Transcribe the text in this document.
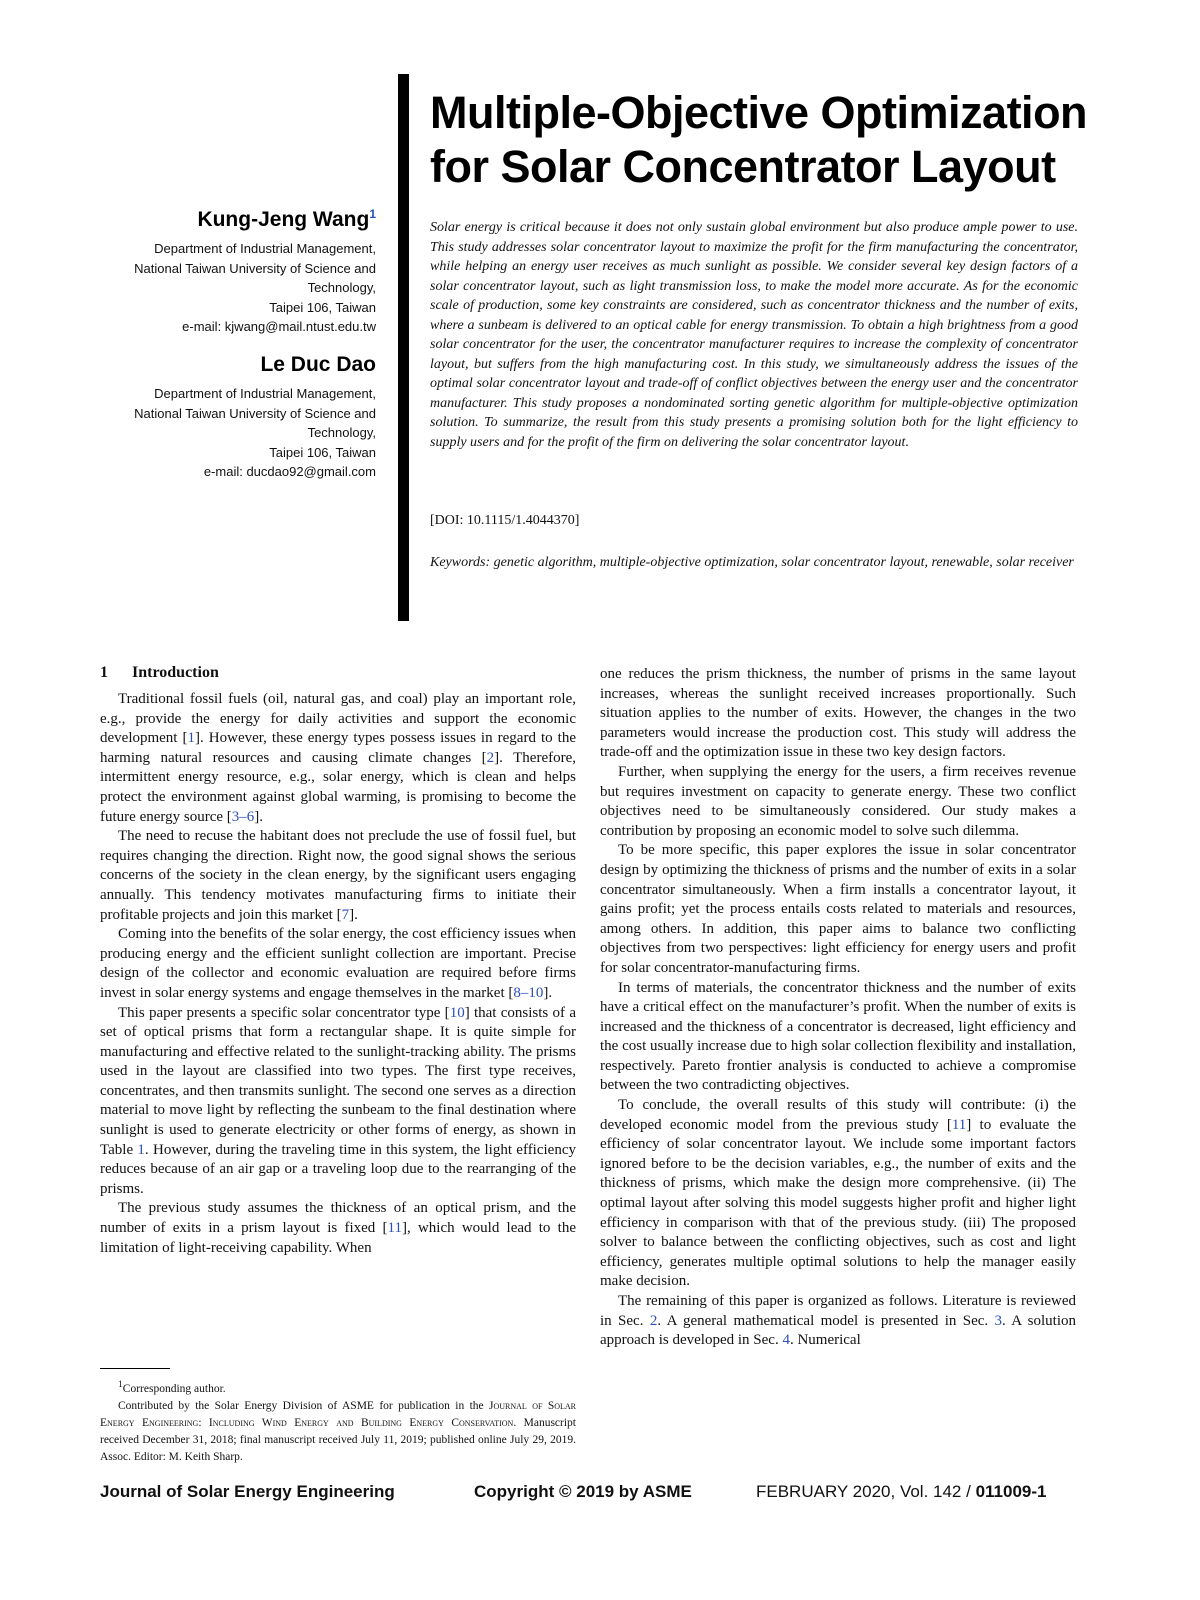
Multiple-Objective Optimization for Solar Concentrator Layout

Kung-Jeng Wang$^1$

Department of Industrial Management,

National Taiwan University of Science and

Technology,

Taipei 106, Taiwan

e-mail: kjwang@mail.ntust.edu.tw

Le Duc Dao

Department of Industrial Management,

National Taiwan University of Science and

Technology,

Taipei 106, Taiwan

e-mail: ducdao92@gmail.com

Solar energy is critical because it does not only sustain global environment but also produce ample power to use. This study addresses solar concentrator layout to maximize the profit for the firm manufacturing the concentrator, while helping an energy user receives as much sunlight as possible. We consider several key design factors of a solar concentrator layout, such as light transmission loss, to make the model more accurate. As for the economic scale of production, some key constraints are considered, such as concentrator thickness and the number of exits, where a sunbeam is delivered to an optical cable for energy transmission. To obtain a high brightness from a good solar concentrator for the user, the concentrator manufacturer requires to increase the complexity of concentrator layout, but suffers from the high manufacturing cost. In this study, we simultaneously address the issues of the optimal solar concentrator layout and trade-off of conflict objectives between the energy user and the concentrator manufacturer. This study proposes a nondominated sorting genetic algorithm for multiple-objective optimization solution. To summarize, the result from this study presents a promising solution both for the light efficiency to supply users and for the profit of the firm on delivering the solar concentrator layout.

[DOI: 10.1115/1.4044370]

Keywords: genetic algorithm, multiple-objective optimization, solar concentrator layout, renewable, solar receiver

1 Introduction

Traditional fossil fuels (oil, natural gas, and coal) play an important role, e.g., provide the energy for daily activities and support the economic development [1]. However, these energy types possess issues in regard to the harming natural resources and causing climate changes [2]. Therefore, intermittent energy resource, e.g., solar energy, which is clean and helps protect the environment against global warming, is promising to become the future energy source [3–6].

The need to recuse the habitant does not preclude the use of fossil fuel, but requires changing the direction. Right now, the good signal shows the serious concerns of the society in the clean energy, by the significant users engaging annually. This tendency motivates manufacturing firms to initiate their profitable projects and join this market [7].

Coming into the benefits of the solar energy, the cost efficiency issues when producing energy and the efficient sunlight collection are important. Precise design of the collector and economic evaluation are required before firms invest in solar energy systems and engage themselves in the market [8–10].

This paper presents a specific solar concentrator type [10] that consists of a set of optical prisms that form a rectangular shape. It is quite simple for manufacturing and effective related to the sunlight-tracking ability. The prisms used in the layout are classified into two types. The first type receives, concentrates, and then transmits sunlight. The second one serves as a direction material to move light by reflecting the sunbeam to the final destination where sunlight is used to generate electricity or other forms of energy, as shown in Table 1. However, during the traveling time in this system, the light efficiency reduces because of an air gap or a traveling loop due to the rearranging of the prisms.

The previous study assumes the thickness of an optical prism, and the number of exits in a prism layout is fixed [11], which would lead to the limitation of light-receiving capability. When

one reduces the prism thickness, the number of prisms in the same layout increases, whereas the sunlight received increases proportionally. Such situation applies to the number of exits. However, the changes in the two parameters would increase the production cost. This study will address the trade-off and the optimization issue in these two key design factors.

Further, when supplying the energy for the users, a firm receives revenue but requires investment on capacity to generate energy. These two conflict objectives need to be simultaneously considered. Our study makes a contribution by proposing an economic model to solve such dilemma.

To be more specific, this paper explores the issue in solar concentrator design by optimizing the thickness of prisms and the number of exits in a solar concentrator simultaneously. When a firm installs a concentrator layout, it gains profit; yet the process entails costs related to materials and resources, among others. In addition, this paper aims to balance two conflicting objectives from two perspectives: light efficiency for energy users and profit for solar concentrator-manufacturing firms.

In terms of materials, the concentrator thickness and the number of exits have a critical effect on the manufacturer’s profit. When the number of exits is increased and the thickness of a concentrator is decreased, light efficiency and the cost usually increase due to high solar collection flexibility and installation, respectively. Pareto frontier analysis is conducted to achieve a compromise between the two contradicting objectives.

To conclude, the overall results of this study will contribute: (i) the developed economic model from the previous study [11] to evaluate the efficiency of solar concentrator layout. We include some important factors ignored before to be the decision variables, e.g., the number of exits and the thickness of prisms, which make the design more comprehensive. (ii) The optimal layout after solving this model suggests higher profit and higher light efficiency in comparison with that of the previous study. (iii) The proposed solver to balance between the conflicting objectives, such as cost and light efficiency, generates multiple optimal solutions to help the manager easily make decision.

The remaining of this paper is organized as follows. Literature is reviewed in Sec. 2. A general mathematical model is presented in Sec. 3. A solution approach is developed in Sec. 4. Numerical

$^1$Corresponding author.

Contributed by the Solar Energy Division of ASME for publication in the Journal of Solar Energy Engineering: Including Wind Energy and Building Energy Conservation. Manuscript received December 31, 2018; final manuscript received July 11, 2019; published online July 29, 2019. Assoc. Editor: M. Keith Sharp.

Journal of Solar Energy Engineering	Copyright © 2019 by ASME	FEBRUARY 2020, Vol. 142 / 011009-1
